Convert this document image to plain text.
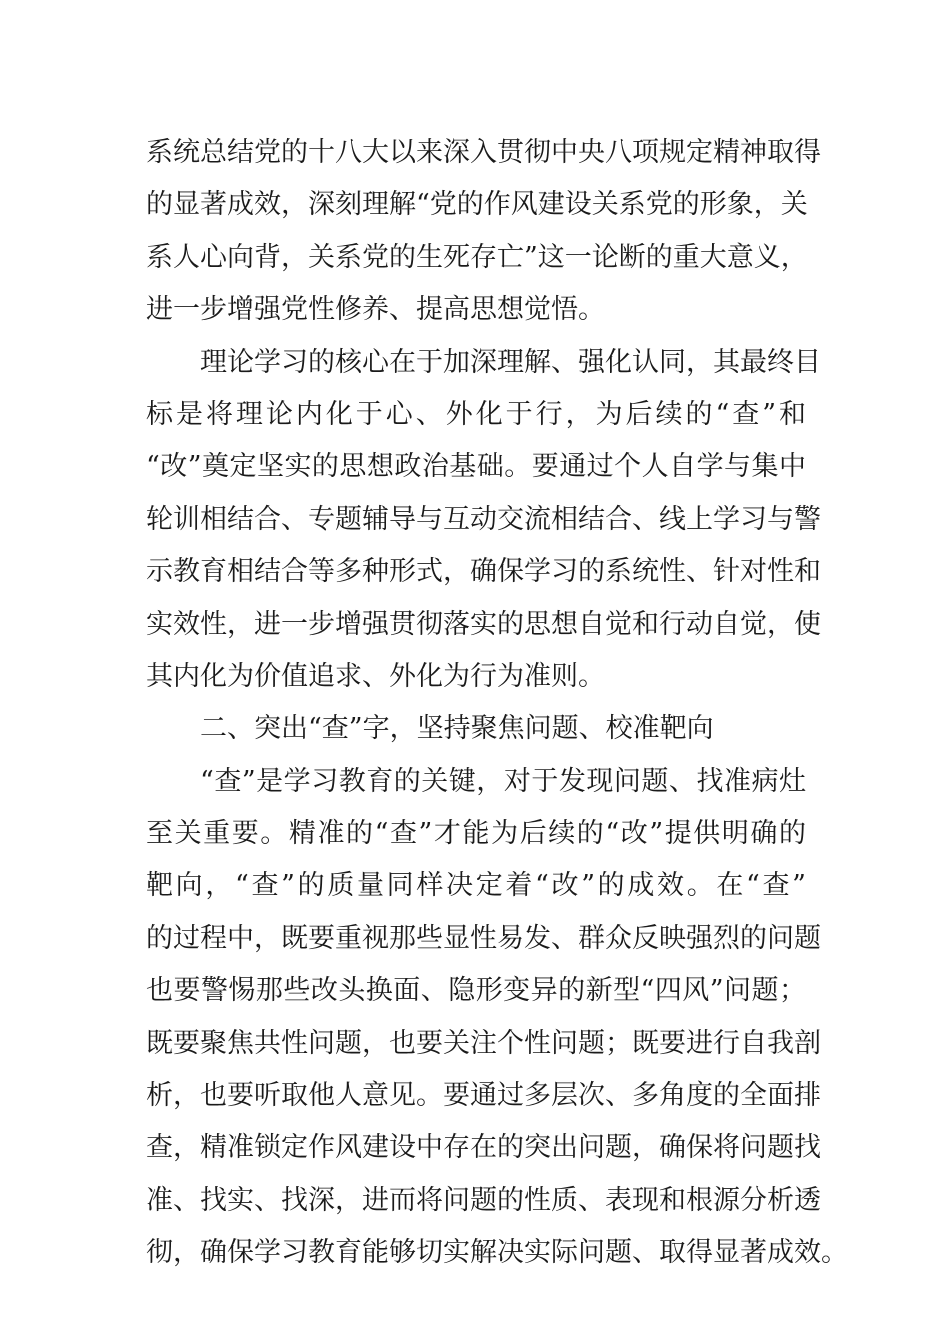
系统总结党的十八大以来深入贯彻中央八项规定精神取得
的显著成效，深刻理解“党的作风建设关系党的形象，关
系人心向背，关系党的生死存亡”这一论断的重大意义，
进一步增强党性修养、提高思想觉悟。
理论学习的核心在于加深理解、强化认同，其最终目
标是将理论内化于心、外化于行，为后续的“查”和
“改”奠定坚实的思想政治基础。要通过个人自学与集中
轮训相结合、专题辅导与互动交流相结合、线上学习与警
示教育相结合等多种形式，确保学习的系统性、针对性和
实效性，进一步增强贯彻落实的思想自觉和行动自觉，使
其内化为价值追求、外化为行为准则。
二、突出“查”字，坚持聚焦问题、校准靶向
“查”是学习教育的关键，对于发现问题、找准病灶
至关重要。精准的“查”才能为后续的“改”提供明确的
靶向，“查”的质量同样决定着“改”的成效。在“查”
的过程中，既要重视那些显性易发、群众反映强烈的问题
也要警惕那些改头换面、隐形变异的新型“四风”问题；
既要聚焦共性问题，也要关注个性问题；既要进行自我剖
析，也要听取他人意见。要通过多层次、多角度的全面排
查，精准锁定作风建设中存在的突出问题，确保将问题找
准、找实、找深，进而将问题的性质、表现和根源分析透
彻，确保学习教育能够切实解决实际问题、取得显著成效。
